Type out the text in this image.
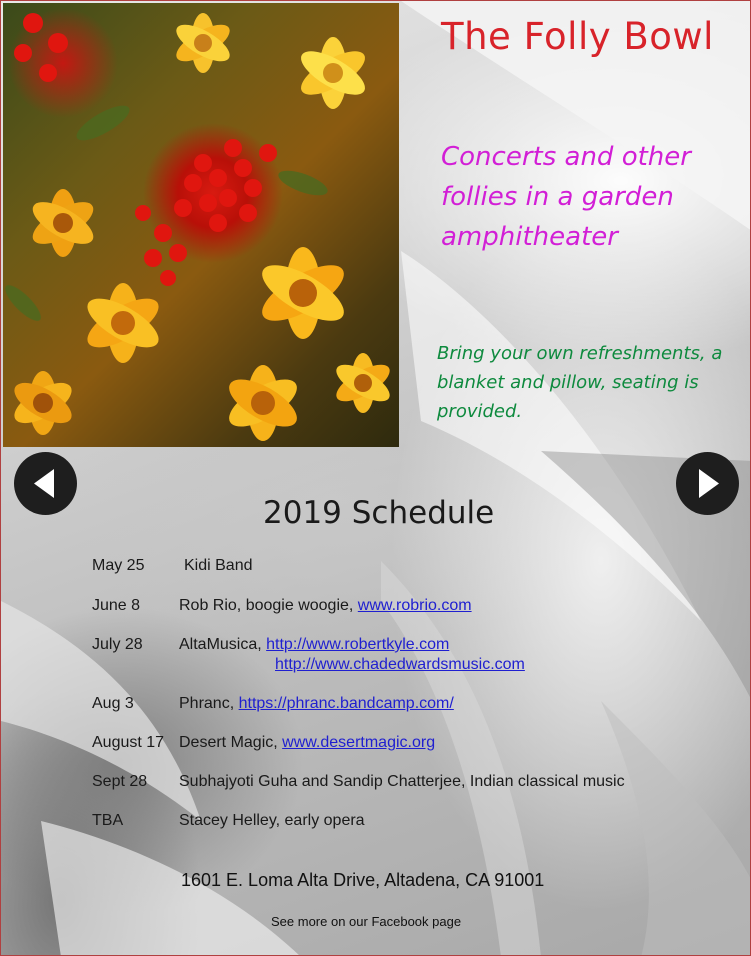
The Folly Bowl
Concerts and other follies in a garden amphitheater
Bring your own refreshments, a blanket and pillow, seating is provided.
2019 Schedule
May 25 Kidi Band
June 8 Rob Rio, boogie woogie, www.robrio.com
July 28 AltaMusica, http://www.robertkyle.com
http://www.chadedwardsmusic.com
Aug 3	Phranc, https://phranc.bandcamp.com/
August 17 Desert Magic, www.desertmagic.org
Sept 28 Subhajyoti Guha and Sandip Chatterjee, Indian classical music
TBA	Stacey Helley, early opera
1601 E. Loma Alta Drive, Altadena, CA 91001
See more on our Facebook page
